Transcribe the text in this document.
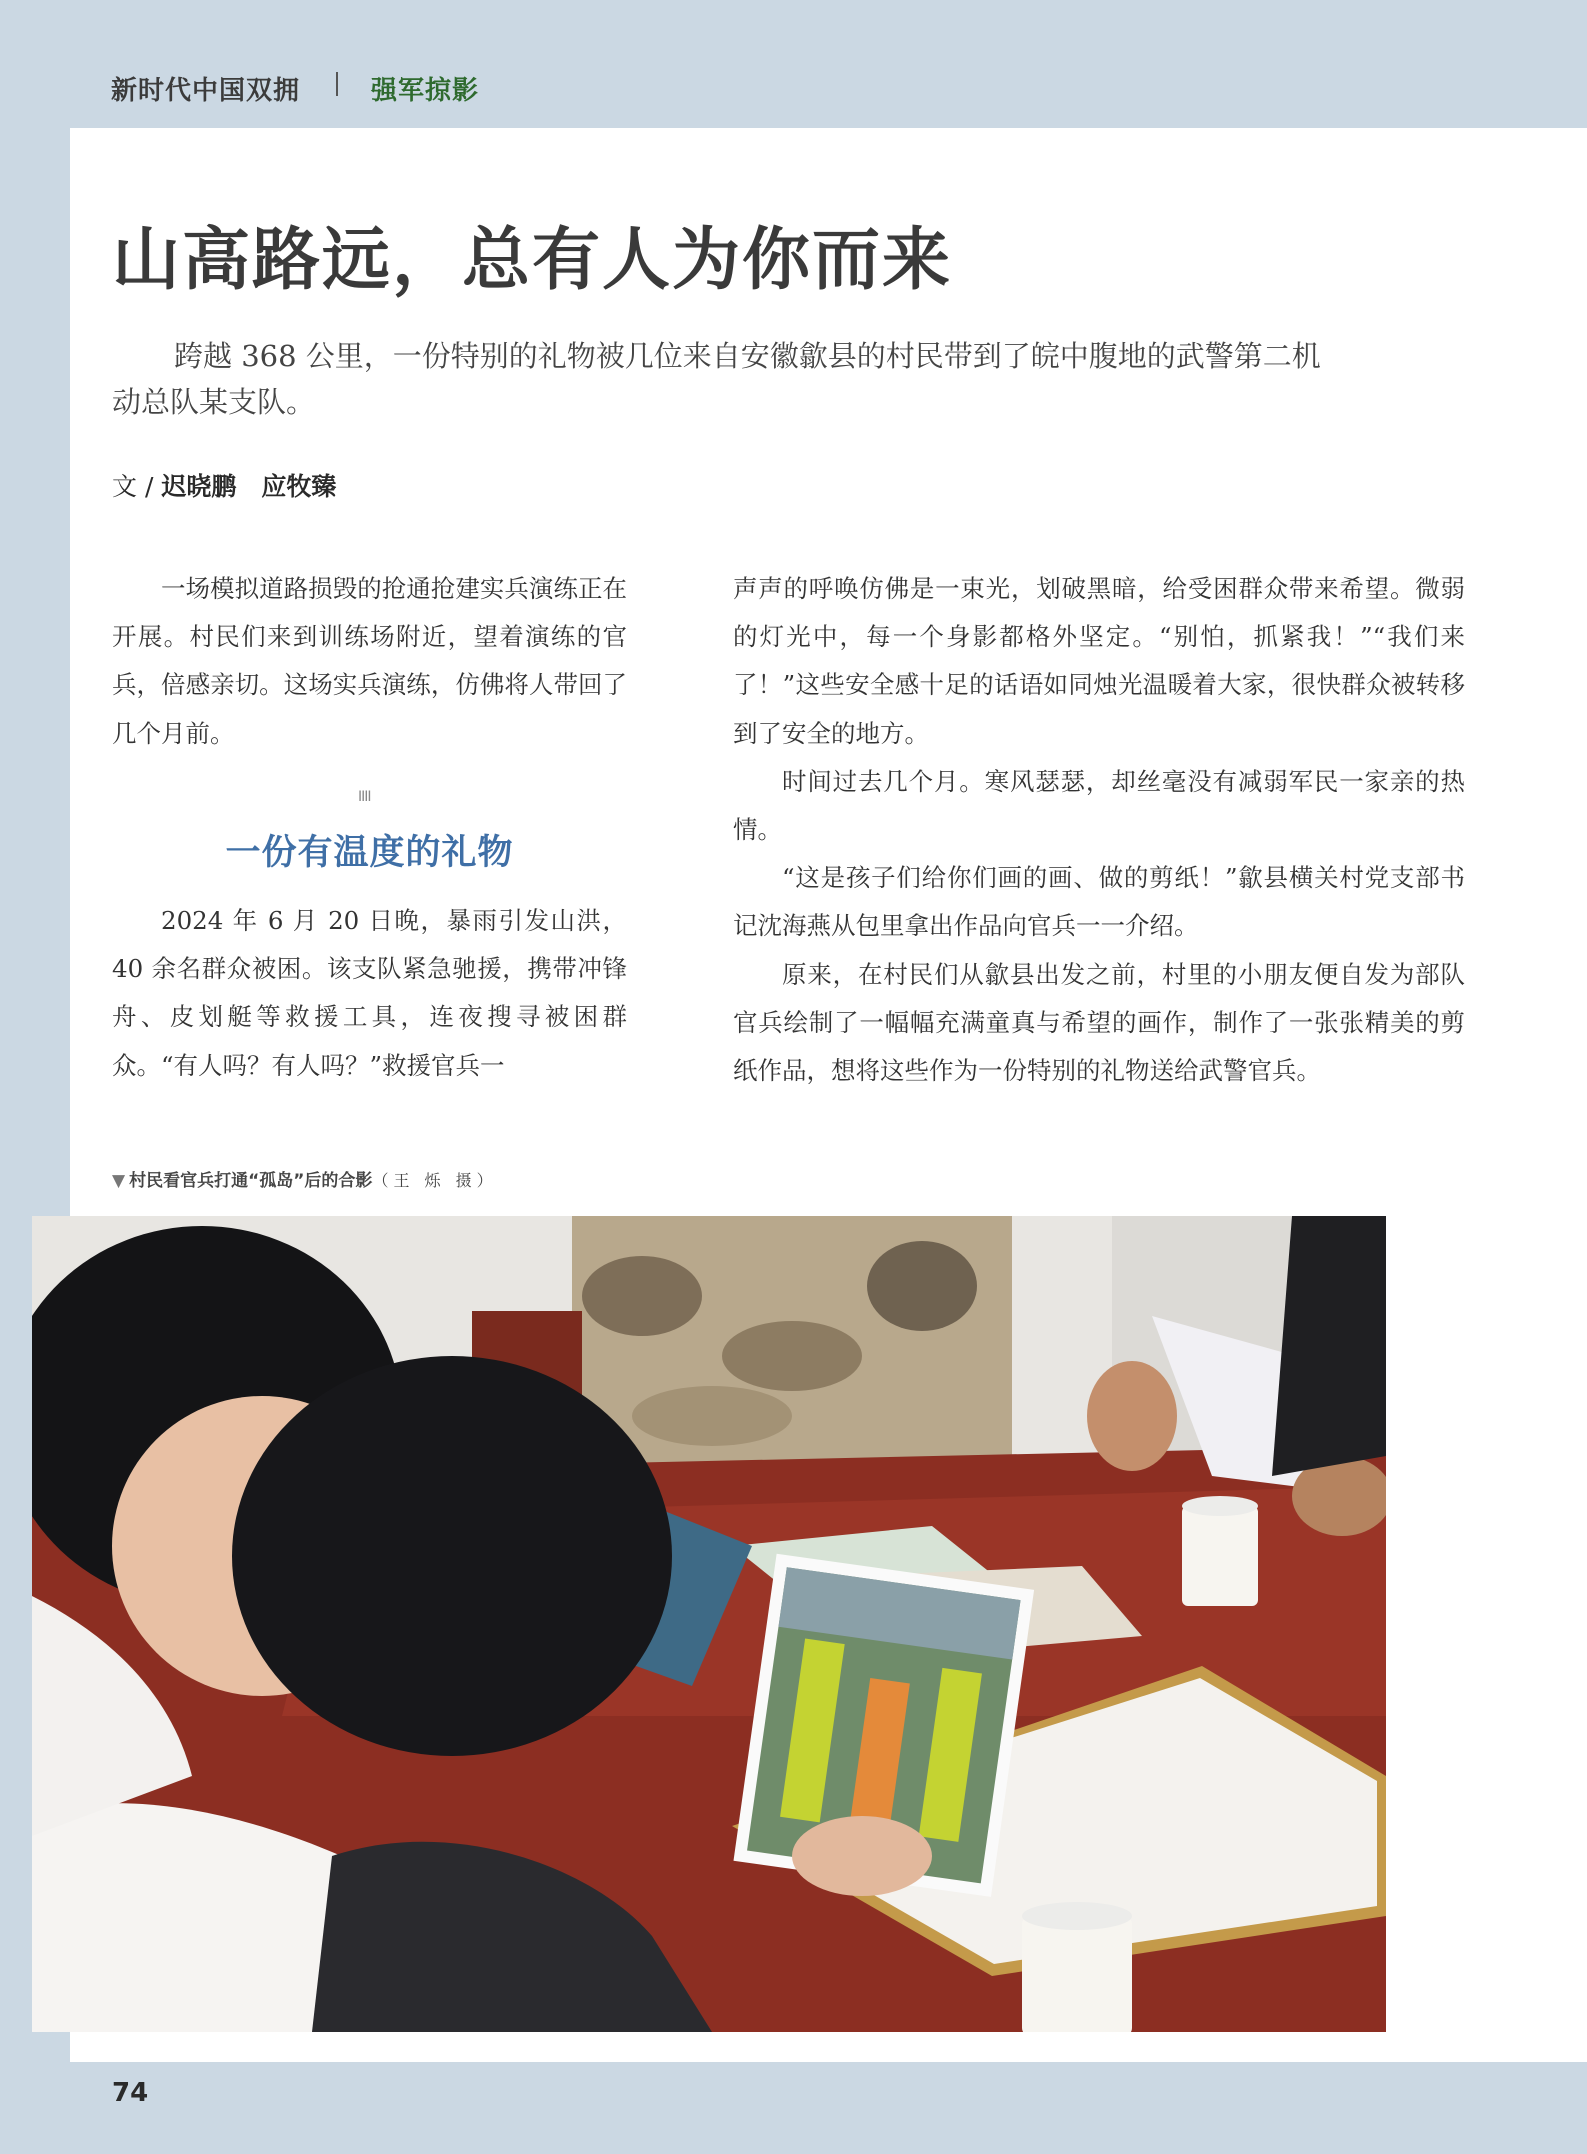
新时代中国双拥	强军掠影
山高路远，总有人为你而来

跨越 368 公里，一份特别的礼物被几位来自安徽歙县的村民带到了皖中腹地的武警第二机动总队某支队。

文 / 迟晓鹏　应牧臻

一场模拟道路损毁的抢通抢建实兵演练正在开展。村民们来到训练场附近，望着演练的官兵，倍感亲切。这场实兵演练，仿佛将人带回了几个月前。

IIII
一份有温度的礼物

2024 年 6 月 20 日晚，暴雨引发山洪，40 余名群众被困。该支队紧急驰援，携带冲锋舟、皮划艇等救援工具，连夜搜寻被困群众。“有人吗？有人吗？”救援官兵一

声声的呼唤仿佛是一束光，划破黑暗，给受困群众带来希望。微弱的灯光中，每一个身影都格外坚定。“别怕，抓紧我！”“我们来了！”这些安全感十足的话语如同烛光温暖着大家，很快群众被转移到了安全的地方。

时间过去几个月。寒风瑟瑟，却丝毫没有减弱军民一家亲的热情。

“这是孩子们给你们画的画、做的剪纸！”歙县横关村党支部书记沈海燕从包里拿出作品向官兵一一介绍。

原来，在村民们从歙县出发之前，村里的小朋友便自发为部队官兵绘制了一幅幅充满童真与希望的画作，制作了一张张精美的剪纸作品，想将这些作为一份特别的礼物送给武警官兵。

▼ 村民看官兵打通“孤岛”后的合影（王 烁 摄）
74
